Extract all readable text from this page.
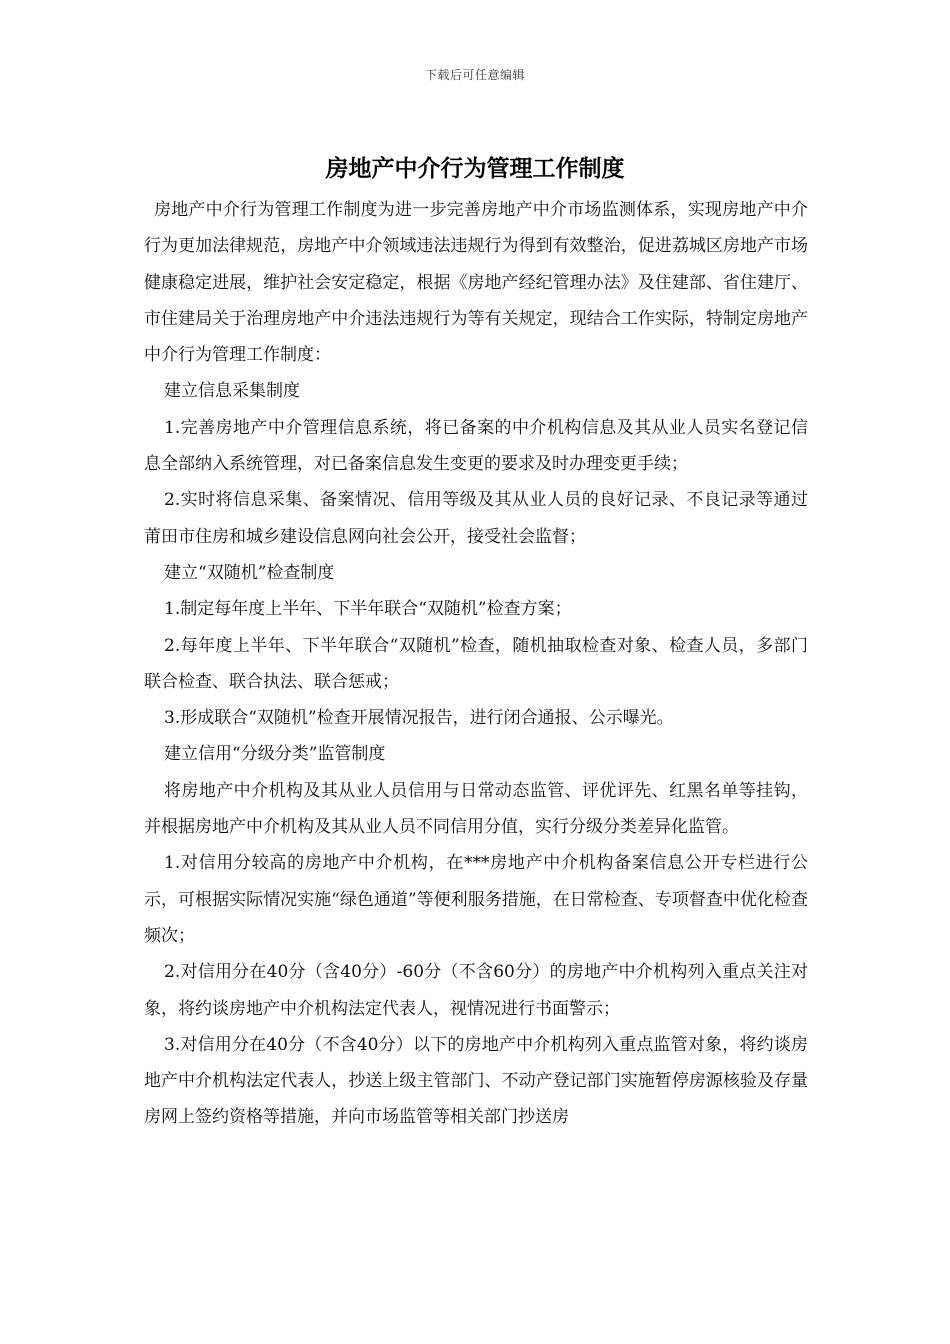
下载后可任意编辑
房地产中介行为管理工作制度

房地产中介行为管理工作制度为进一步完善房地产中介市场监测体系，实现房地产中介行为更加法律规范，房地产中介领域违法违规行为得到有效整治，促进荔城区房地产市场健康稳定进展，维护社会安定稳定，根据《房地产经纪管理办法》及住建部、省住建厅、市住建局关于治理房地产中介违法违规行为等有关规定，现结合工作实际，特制定房地产中介行为管理工作制度：

建立信息采集制度

1.完善房地产中介管理信息系统，将已备案的中介机构信息及其从业人员实名登记信息全部纳入系统管理，对已备案信息发生变更的要求及时办理变更手续；

2.实时将信息采集、备案情况、信用等级及其从业人员的良好记录、不良记录等通过莆田市住房和城乡建设信息网向社会公开，接受社会监督；

建立“双随机”检查制度

1.制定每年度上半年、下半年联合“双随机”检查方案；

2.每年度上半年、下半年联合“双随机”检查，随机抽取检查对象、检查人员，多部门联合检查、联合执法、联合惩戒；

3.形成联合“双随机”检查开展情况报告，进行闭合通报、公示曝光。

建立信用“分级分类”监管制度

将房地产中介机构及其从业人员信用与日常动态监管、评优评先、红黑名单等挂钩，并根据房地产中介机构及其从业人员不同信用分值，实行分级分类差异化监管。

1.对信用分较高的房地产中介机构，在***房地产中介机构备案信息公开专栏进行公示，可根据实际情况实施“绿色通道”等便利服务措施，在日常检查、专项督查中优化检查频次；

2.对信用分在40分（含40分）-60分（不含60分）的房地产中介机构列入重点关注对象，将约谈房地产中介机构法定代表人，视情况进行书面警示；

3.对信用分在40分（不含40分）以下的房地产中介机构列入重点监管对象，将约谈房地产中介机构法定代表人，抄送上级主管部门、不动产登记部门实施暂停房源核验及存量房网上签约资格等措施，并向市场监管等相关部门抄送房
